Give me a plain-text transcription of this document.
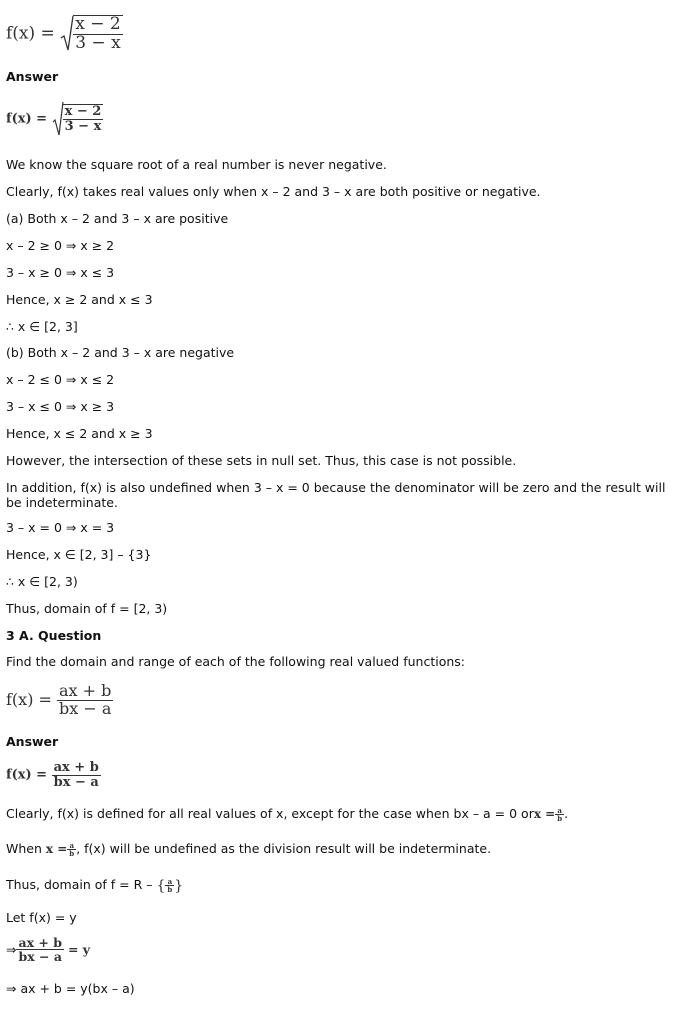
$f(x) = \frac{x - 2}{3 - x}$
Answer
$f(x) = \frac{x - 2}{3 - x}$
We know the square root of a real number is never negative.
Clearly, f(x) takes real values only when x – 2 and 3 – x are both positive or negative.
(a) Both x – 2 and 3 – x are positive
x – 2 ≥ 0 ⇒ x ≥ 2
3 – x ≥ 0 ⇒ x ≤ 3
Hence, x ≥ 2 and x ≤ 3
∴ x ∈ [2, 3]
(b) Both x – 2 and 3 – x are negative
x – 2 ≤ 0 ⇒ x ≤ 2
3 – x ≤ 0 ⇒ x ≥ 3
Hence, x ≤ 2 and x ≥ 3
However, the intersection of these sets in null set. Thus, this case is not possible.
In addition, f(x) is also undefined when 3 – x = 0 because the denominator will be zero and the result will be indeterminate.
3 – x = 0 ⇒ x = 3
Hence, x ∈ [2, 3] – {3}
∴ x ∈ [2, 3)
Thus, domain of f = [2, 3)
3 A. Question
Find the domain and range of each of the following real valued functions:
$f(x) = \frac{ax + b}{bx - a}$
Answer
$f(x) = \frac{ax + b}{bx - a}$
Clearly, f(x) is defined for all real values of x, except for the case when bx – a = 0 orx = $\frac{a}{b}$ .
When $x = \frac{a}{b}$ , f(x) will be undefined as the division result will be indeterminate.
Thus, domain of f = R – { $\frac{a}{b}$ }
Let f(x) = y
⇒ $\frac{ax + b}{bx - a} = y$
⇒ ax + b = y(bx – a)
